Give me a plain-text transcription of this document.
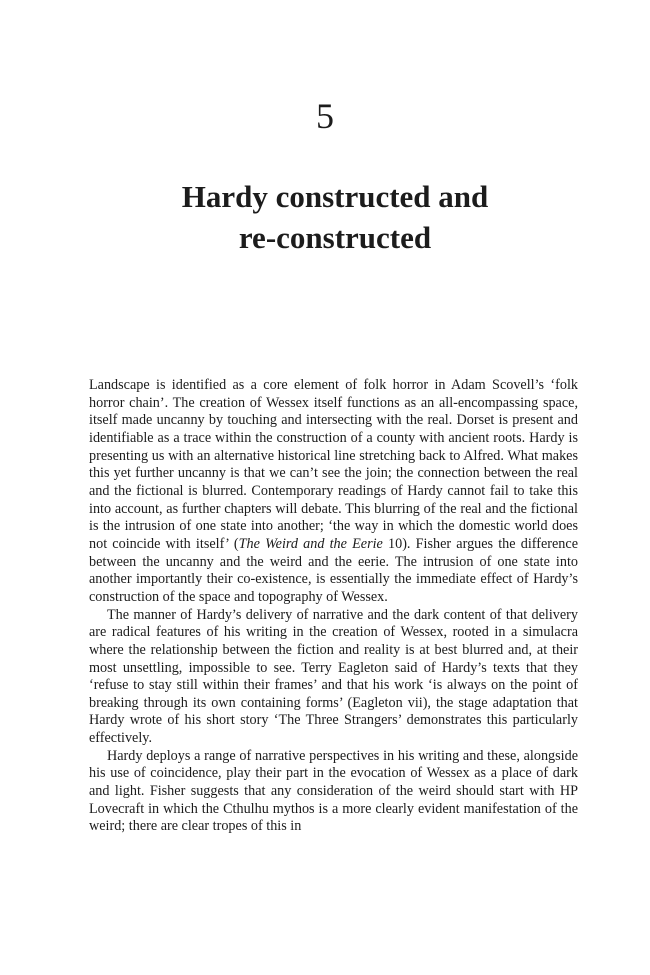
5
Hardy constructed and
re-constructed

Landscape is identified as a core element of folk horror in Adam Scovell’s ‘folk horror chain’. The creation of Wessex itself functions as an all-encompassing space, itself made uncanny by touching and intersecting with the real. Dorset is present and identifiable as a trace within the construction of a county with ancient roots. Hardy is presenting us with an alternative historical line stretching back to Alfred. What makes this yet further uncanny is that we can’t see the join; the connection between the real and the fictional is blurred. Contemporary readings of Hardy cannot fail to take this into account, as further chapters will debate. This blurring of the real and the fictional is the intrusion of one state into another; ‘the way in which the domestic world does not coincide with itself’ (The Weird and the Eerie 10). Fisher argues the difference between the uncanny and the weird and the eerie. The intrusion of one state into another importantly their co-existence, is essentially the immediate effect of Hardy’s construction of the space and topography of Wessex.

The manner of Hardy’s delivery of narrative and the dark content of that delivery are radical features of his writing in the creation of Wessex, rooted in a simulacra where the relationship between the fiction and reality is at best blurred and, at their most unsettling, impossible to see. Terry Eagleton said of Hardy’s texts that they ‘refuse to stay still within their frames’ and that his work ‘is always on the point of breaking through its own containing forms’ (Eagleton vii), the stage adaptation that Hardy wrote of his short story ‘The Three Strangers’ demonstrates this particularly effectively.

Hardy deploys a range of narrative perspectives in his writing and these, alongside his use of coincidence, play their part in the evocation of Wessex as a place of dark and light. Fisher suggests that any consideration of the weird should start with HP Lovecraft in which the Cthulhu mythos is a more clearly evident manifestation of the weird; there are clear tropes of this in
